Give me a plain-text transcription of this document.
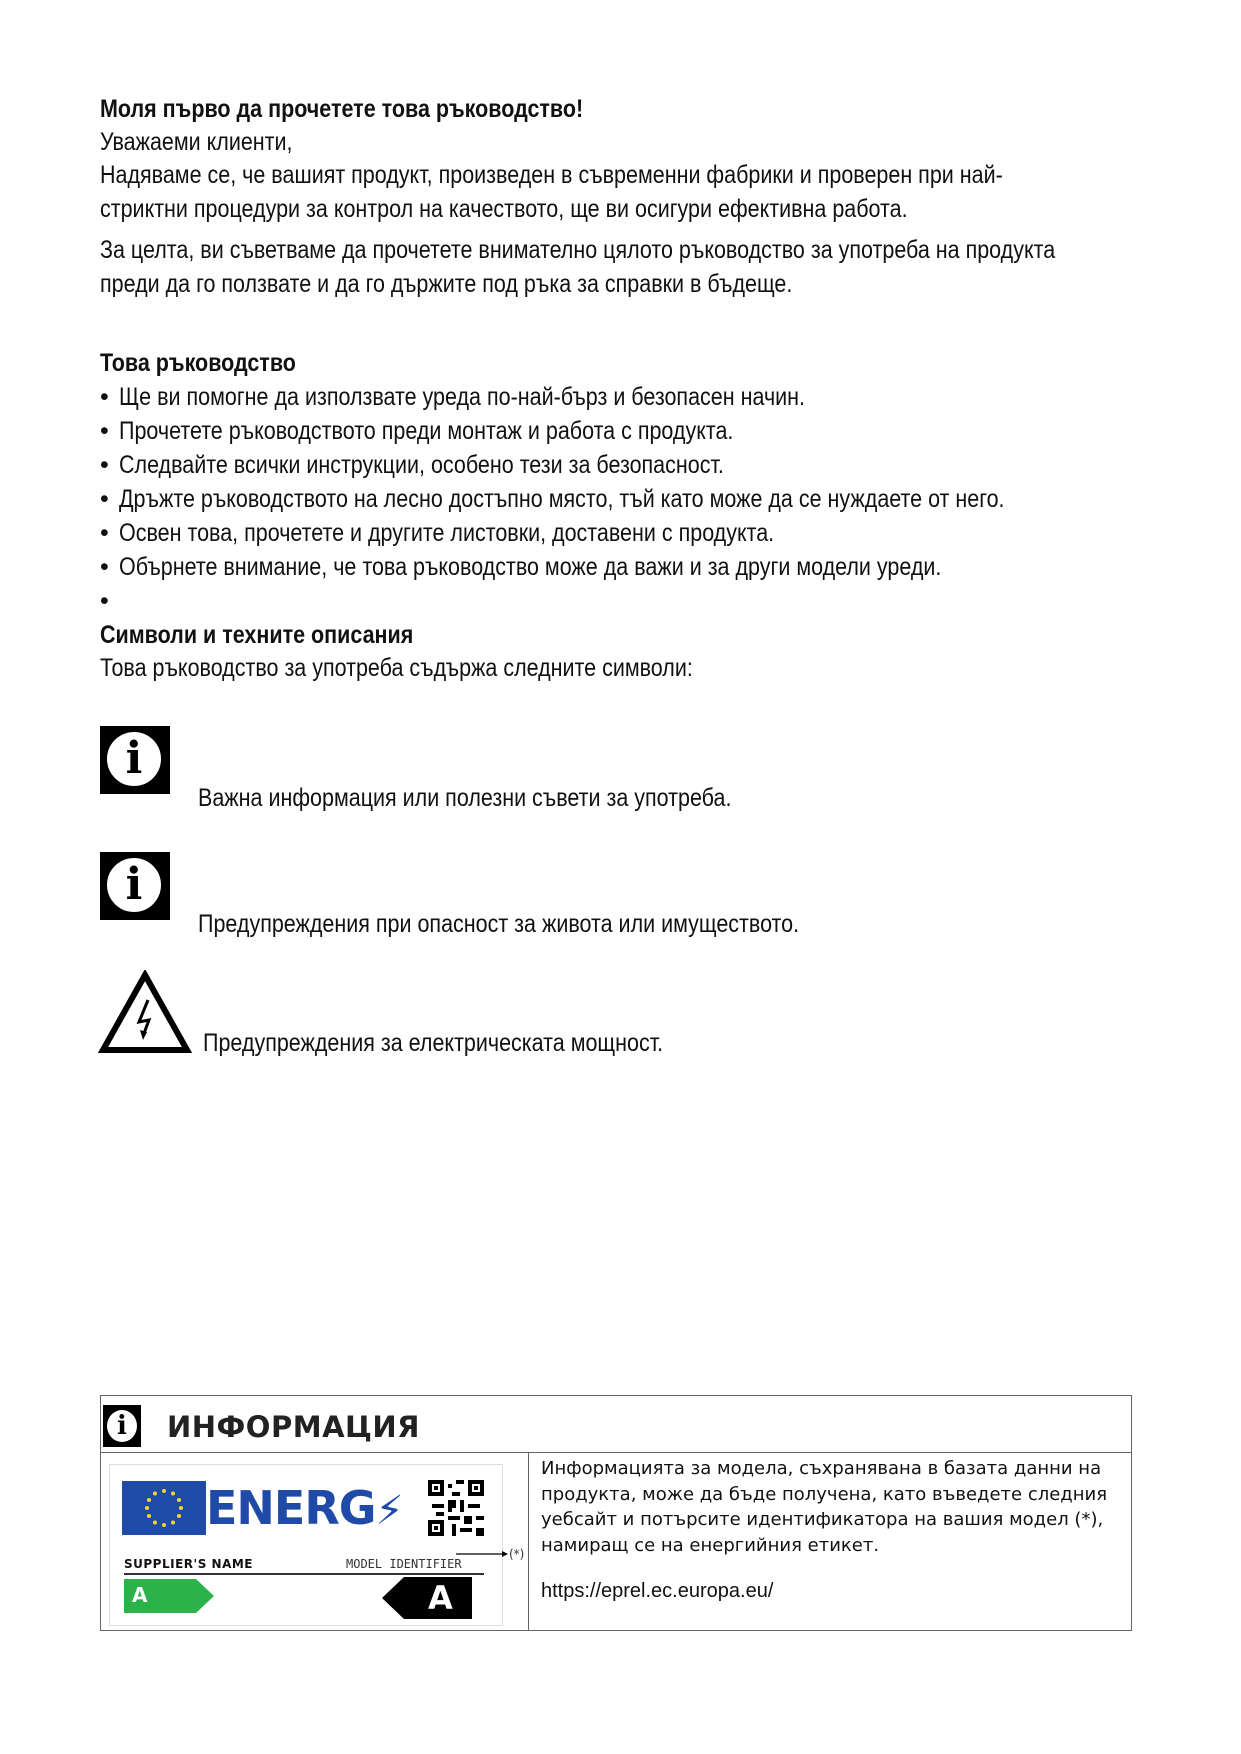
Моля първо да прочетете това ръководство!
Уважаеми клиенти,
Надяваме се, че вашият продукт, произведен в съвременни фабрики и проверен при най-
стриктни процедури за контрол на качеството, ще ви осигури ефективна работа.
За целта, ви съветваме да прочетете внимателно цялото ръководство за употреба на продукта
преди да го ползвате и да го държите под ръка за справки в бъдеще.
Това ръководство
• Ще ви помогне да използвате уреда по-най-бърз и безопасен начин.
• Прочетете ръководството преди монтаж и работа с продукта.
• Следвайте всички инструкции, особено тези за безопасност.
• Дръжте ръководството на лесно достъпно място, тъй като може да се нуждаете от него.
• Освен това, прочетете и другите листовки, доставени с продукта.
• Обърнете внимание, че това ръководство може да важи и за други модели уреди.
•
Символи и техните описания
Това ръководство за употреба съдържа следните символи:
i
Важна информация или полезни съвети за употреба.
i
Предупреждения при опасност за живота или имуществото.
Предупреждения за електрическата мощност.
i	ИНФОРМАЦИЯ
ENERG⚡
SUPPLIER'S NAME	MODEL IDENTIFIER
A	A
(*)
Информацията за модела, съхранявана в базата данни на
продукта, може да бъде получена, като въведете следния
уебсайт и потърсите идентификатора на вашия модел (*),
намиращ се на енергийния етикет.
https://eprel.ec.europa.eu/
